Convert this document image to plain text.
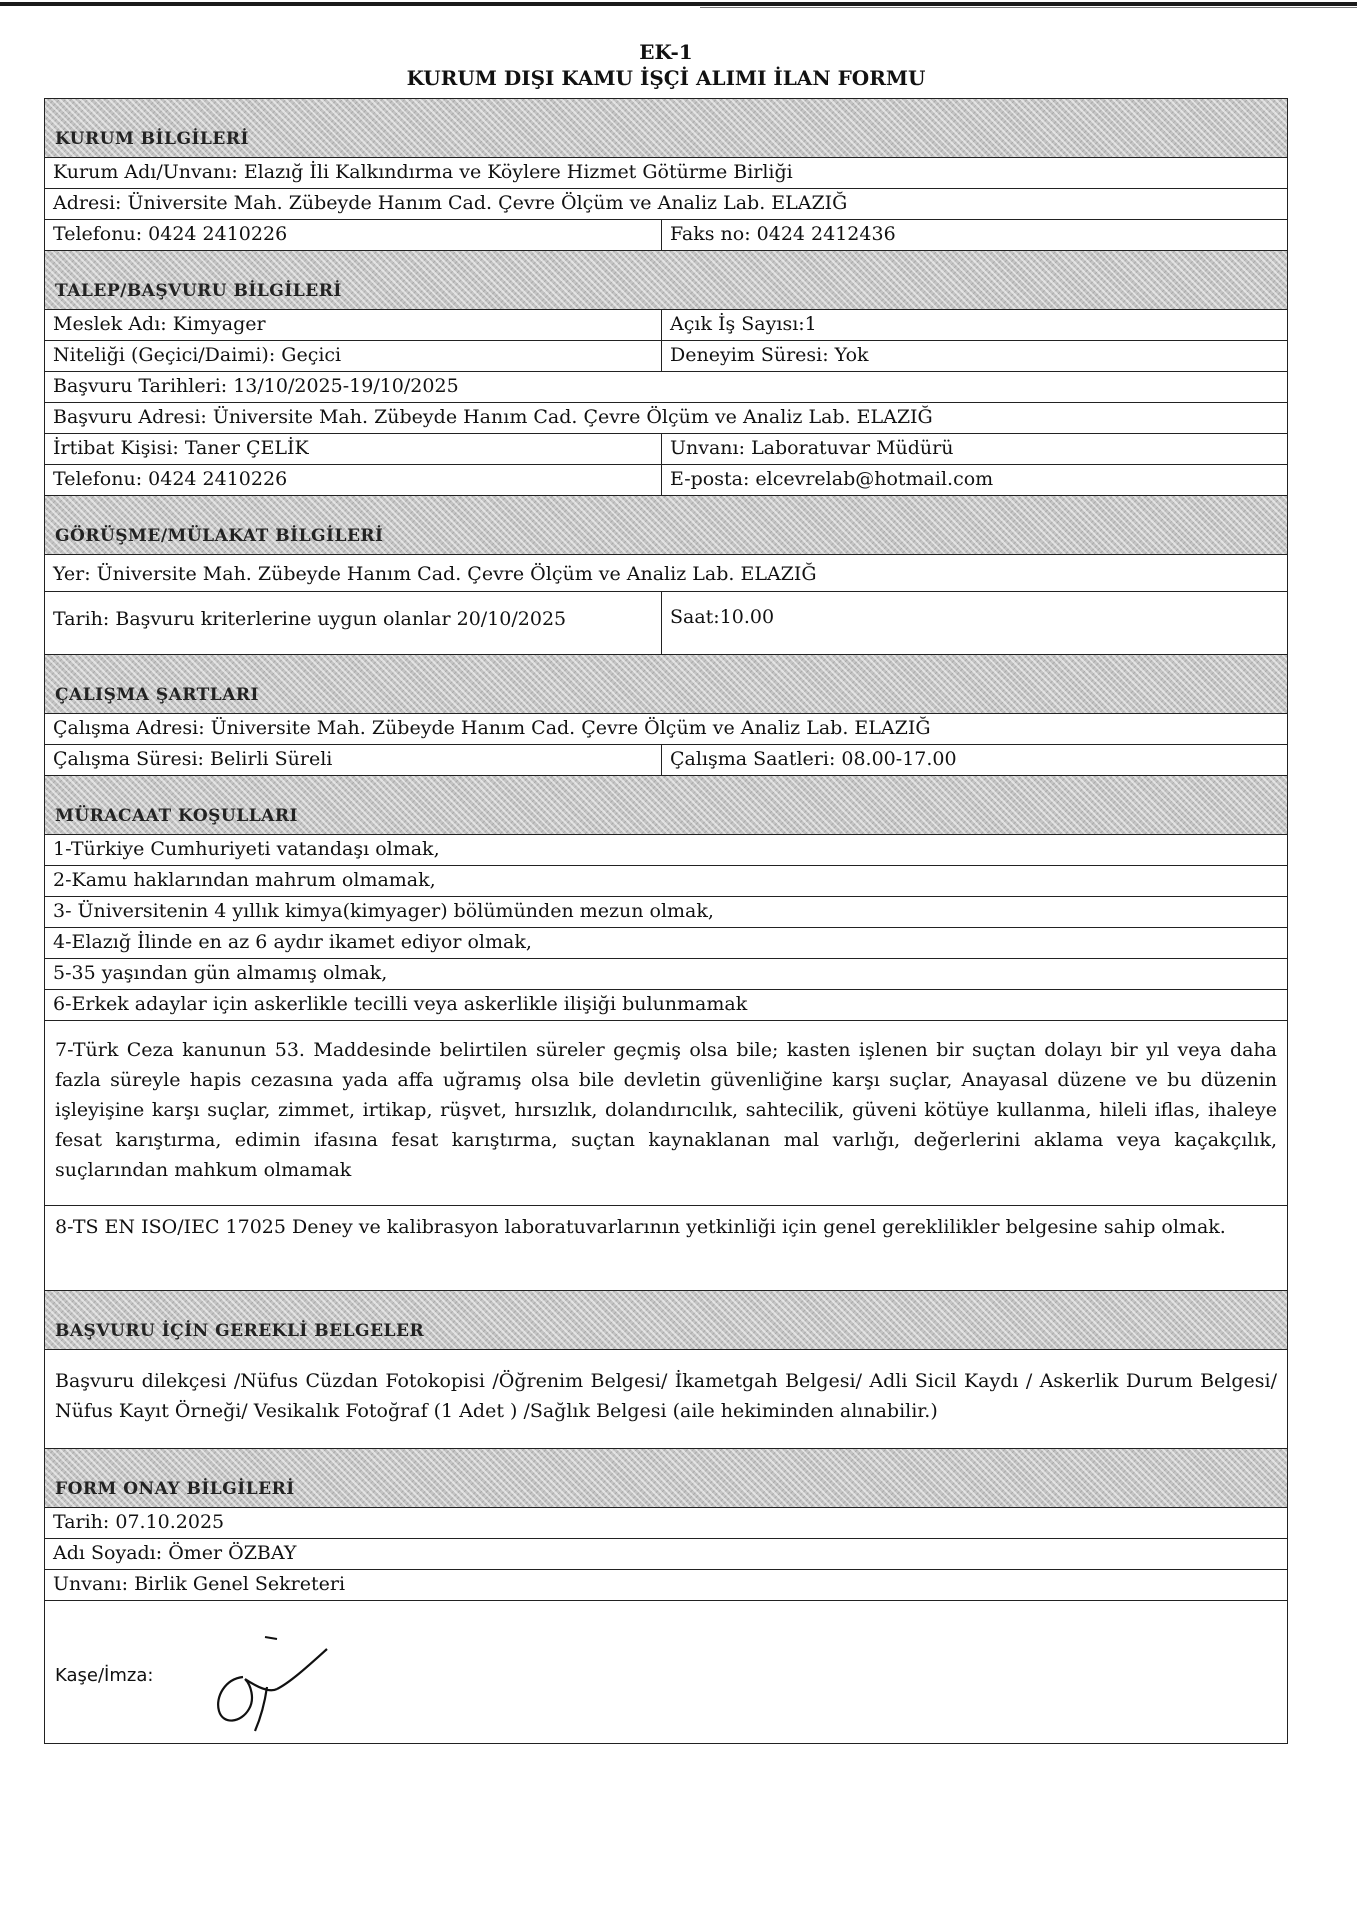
EK-1
KURUM DIŞI KAMU İŞÇİ ALIMI İLAN FORMU
KURUM BİLGİLERİ
Kurum Adı/Unvanı: Elazığ İli Kalkındırma ve Köylere Hizmet Götürme Birliği
Adresi: Üniversite Mah. Zübeyde Hanım Cad. Çevre Ölçüm ve Analiz Lab. ELAZIĞ
Telefonu: 0424 2410226	Faks no: 0424 2412436
TALEP/BAŞVURU BİLGİLERİ
Meslek Adı: Kimyager	Açık İş Sayısı:1
Niteliği (Geçici/Daimi): Geçici	Deneyim Süresi: Yok
Başvuru Tarihleri: 13/10/2025-19/10/2025
Başvuru Adresi: Üniversite Mah. Zübeyde Hanım Cad. Çevre Ölçüm ve Analiz Lab. ELAZIĞ
İrtibat Kişisi: Taner ÇELİK	Unvanı: Laboratuvar Müdürü
Telefonu: 0424 2410226	E-posta: elcevrelab@hotmail.com
GÖRÜŞME/MÜLAKAT BİLGİLERİ
Yer: Üniversite Mah. Zübeyde Hanım Cad. Çevre Ölçüm ve Analiz Lab. ELAZIĞ
Tarih: Başvuru kriterlerine uygun olanlar 20/10/2025	Saat:10.00
ÇALIŞMA ŞARTLARI
Çalışma Adresi: Üniversite Mah. Zübeyde Hanım Cad. Çevre Ölçüm ve Analiz Lab. ELAZIĞ
Çalışma Süresi: Belirli Süreli	Çalışma Saatleri: 08.00-17.00
MÜRACAAT KOŞULLARI
1-Türkiye Cumhuriyeti vatandaşı olmak,
2-Kamu haklarından mahrum olmamak,
3- Üniversitenin 4 yıllık kimya(kimyager) bölümünden mezun olmak,
4-Elazığ İlinde en az 6 aydır ikamet ediyor olmak,
5-35 yaşından gün almamış olmak,
6-Erkek adaylar için askerlikle tecilli veya askerlikle ilişiği bulunmamak
7-Türk Ceza kanunun 53. Maddesinde belirtilen süreler geçmiş olsa bile; kasten işlenen bir suçtan dolayı bir yıl veya daha fazla süreyle hapis cezasına yada affa uğramış olsa bile devletin güvenliğine karşı suçlar, Anayasal düzene ve bu düzenin işleyişine karşı suçlar, zimmet, irtikap, rüşvet, hırsızlık, dolandırıcılık, sahtecilik, güveni kötüye kullanma, hileli iflas, ihaleye fesat karıştırma, edimin ifasına fesat karıştırma, suçtan kaynaklanan mal varlığı, değerlerini aklama veya kaçakçılık, suçlarından mahkum olmamak
8-TS EN ISO/IEC 17025 Deney ve kalibrasyon laboratuvarlarının yetkinliği için genel gereklilikler belgesine sahip olmak.
BAŞVURU İÇİN GEREKLİ BELGELER
Başvuru dilekçesi /Nüfus Cüzdan Fotokopisi /Öğrenim Belgesi/ İkametgah Belgesi/ Adli Sicil Kaydı / Askerlik Durum Belgesi/ Nüfus Kayıt Örneği/ Vesikalık Fotoğraf (1 Adet ) /Sağlık Belgesi (aile hekiminden alınabilir.)
FORM ONAY BİLGİLERİ
Tarih: 07.10.2025
Adı Soyadı: Ömer ÖZBAY
Unvanı: Birlik Genel Sekreteri
Kaşe/İmza:
